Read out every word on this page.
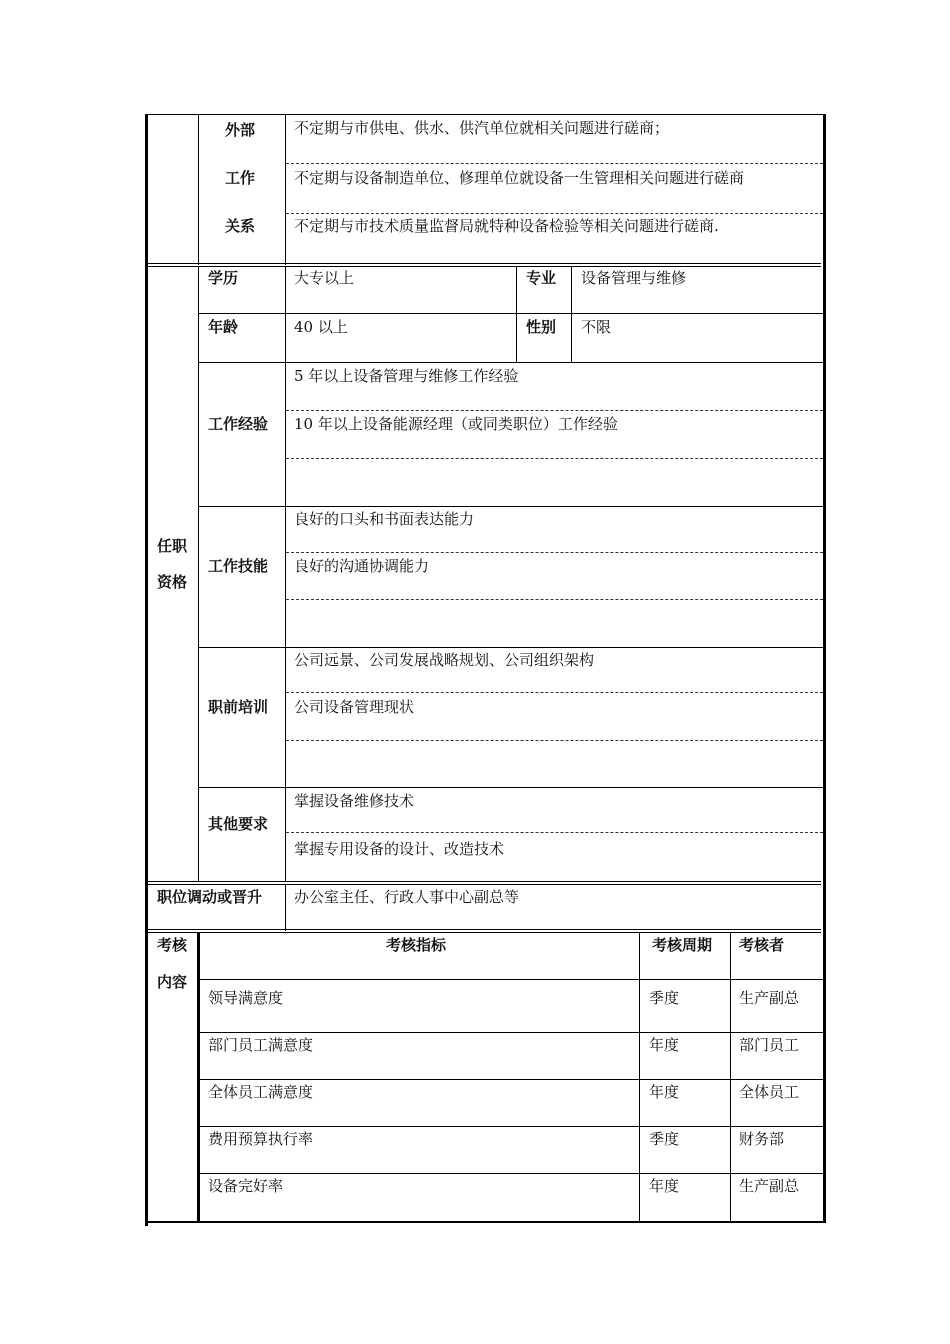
外部
工作
关系
不定期与市供电、供水、供汽单位就相关问题进行磋商；
不定期与设备制造单位、修理单位就设备一生管理相关问题进行磋商
不定期与市技术质量监督局就特种设备检验等相关问题进行磋商.
任职
资格
学历	大专以上	专业 设备管理与维修
年龄	40 以上	性别 不限
工作经验
5 年以上设备管理与维修工作经验
10 年以上设备能源经理（或同类职位）工作经验
工作技能
良好的口头和书面表达能力
良好的沟通协调能力
职前培训
公司远景、公司发展战略规划、公司组织架构
公司设备管理现状
其他要求
掌握设备维修技术
掌握专用设备的设计、改造技术
职位调动或晋升 办公室主任、行政人事中心副总等
考核
内容
考核指标	考核周期 考核者
领导满意度	季度	生产副总
部门员工满意度	年度	部门员工
全体员工满意度	年度	全体员工
费用预算执行率	季度	财务部
设备完好率	年度	生产副总
